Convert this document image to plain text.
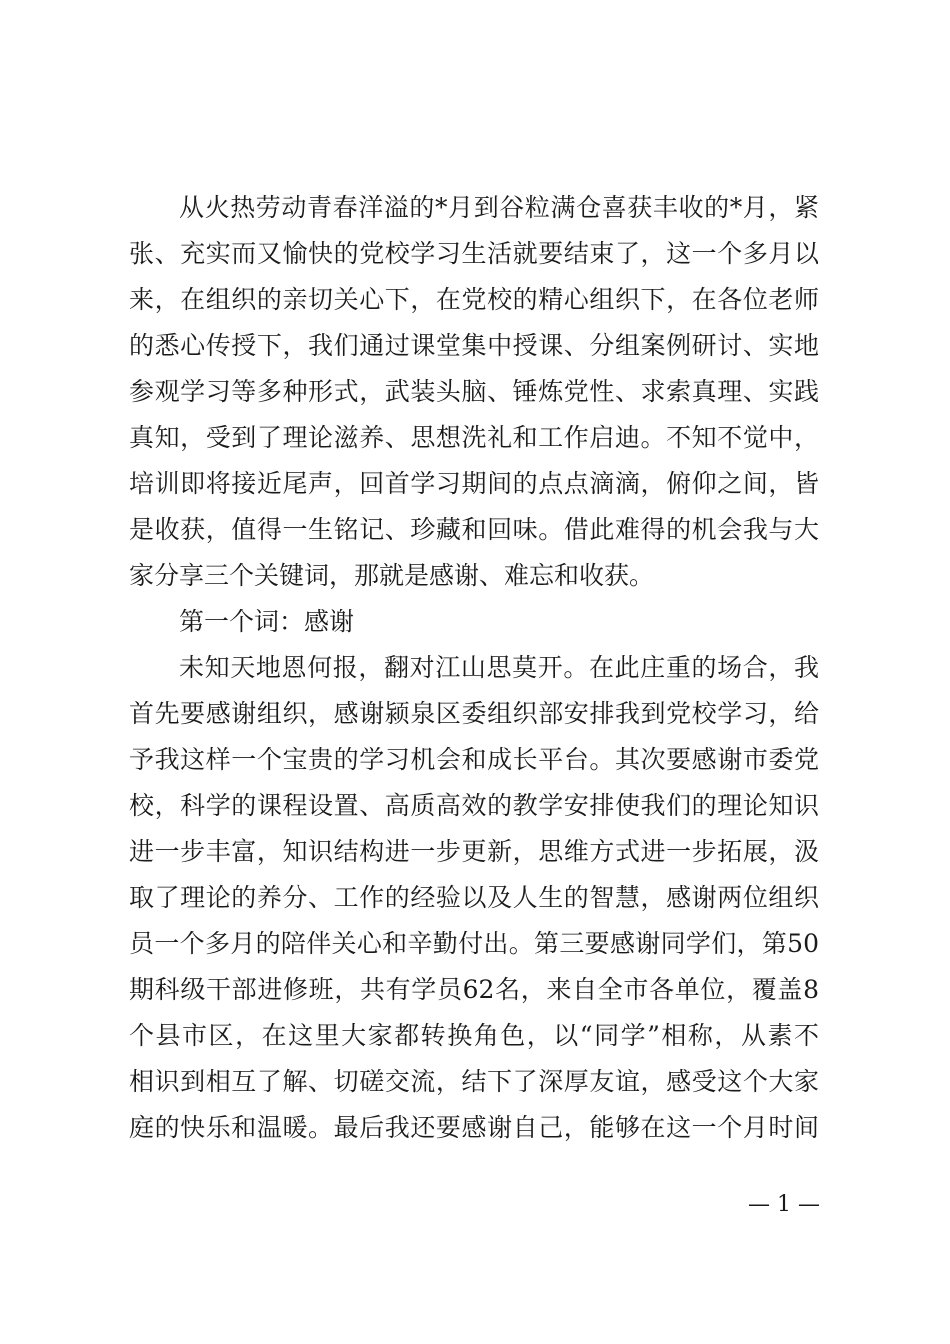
从火热劳动青春洋溢的*月到谷粒满仓喜获丰收的*月，紧
张、充实而又愉快的党校学习生活就要结束了，这一个多月以
来，在组织的亲切关心下，在党校的精心组织下，在各位老师
的悉心传授下，我们通过课堂集中授课、分组案例研讨、实地
参观学习等多种形式，武装头脑、锤炼党性、求索真理、实践
真知，受到了理论滋养、思想洗礼和工作启迪。不知不觉中，
培训即将接近尾声，回首学习期间的点点滴滴，俯仰之间，皆
是收获，值得一生铭记、珍藏和回味。借此难得的机会我与大
家分享三个关键词，那就是感谢、难忘和收获。
第一个词：感谢
未知天地恩何报，翻对江山思莫开。在此庄重的场合，我
首先要感谢组织，感谢颍泉区委组织部安排我到党校学习，给
予我这样一个宝贵的学习机会和成长平台。其次要感谢市委党
校，科学的课程设置、高质高效的教学安排使我们的理论知识
进一步丰富，知识结构进一步更新，思维方式进一步拓展，汲
取了理论的养分、工作的经验以及人生的智慧，感谢两位组织
员一个多月的陪伴关心和辛勤付出。第三要感谢同学们，第50
期科级干部进修班，共有学员62名，来自全市各单位，覆盖8
个县市区，在这里大家都转换角色，以“同学”相称，从素不
相识到相互了解、切磋交流，结下了深厚友谊，感受这个大家
庭的快乐和温暖。最后我还要感谢自己，能够在这一个月时间
— 1 —
